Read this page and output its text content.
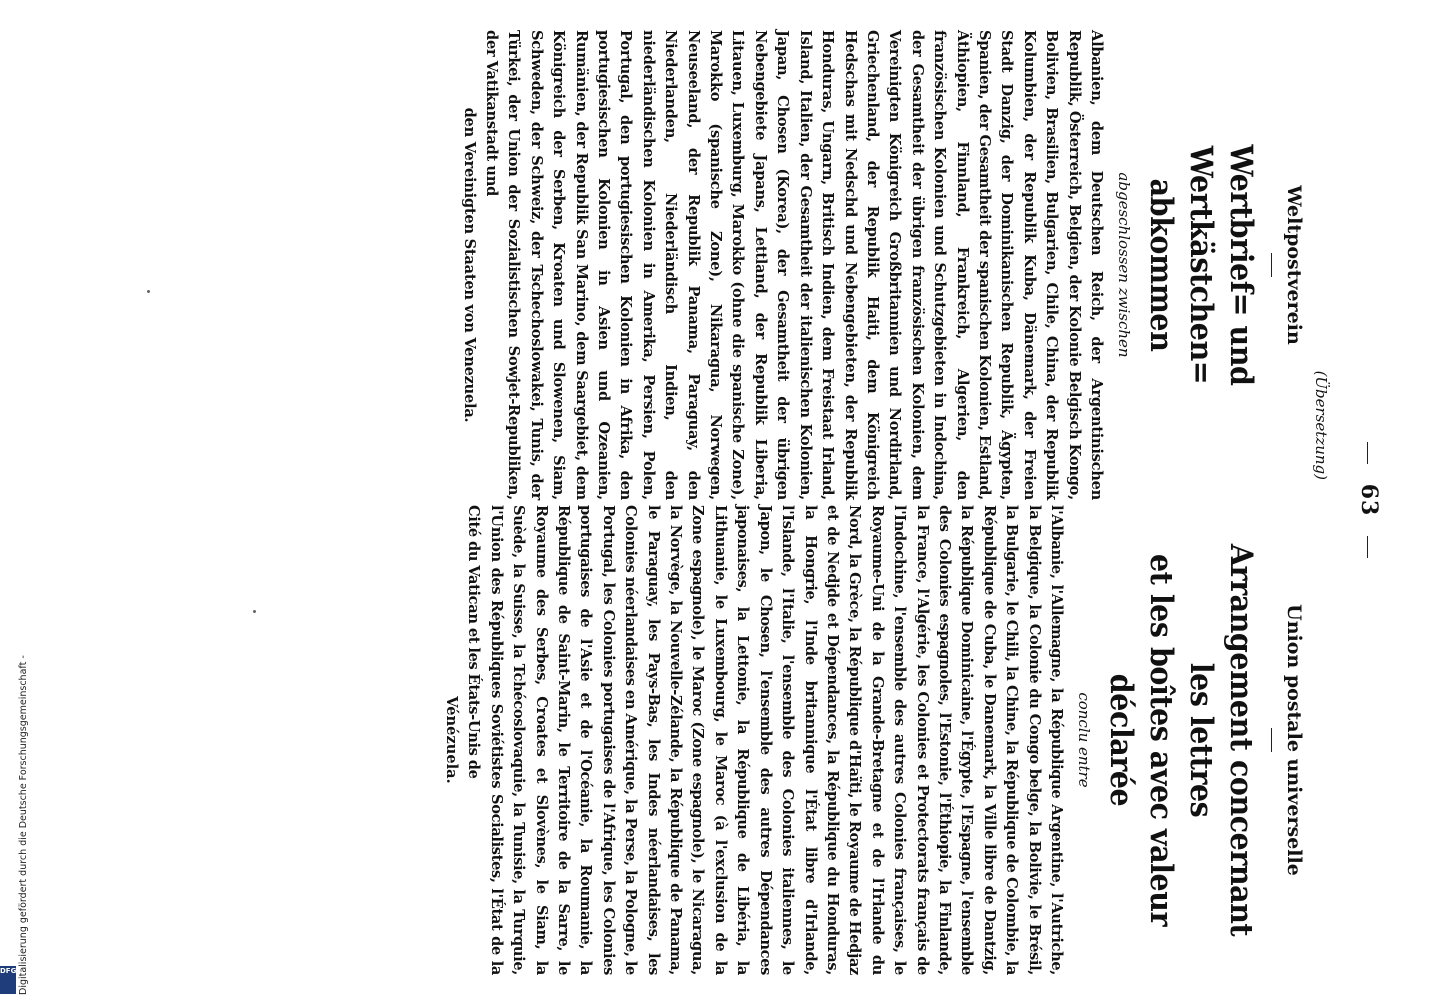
63
Union postale universelle
Arrangement concernant les lettres
et les boîtes avec valeur déclarée
conclu entre
l'Albanie, l'Allemagne, la République Argentine, l'Autriche, la Belgique, la Colonie du Congo belge, la Bolivie, le Brésil, la Bulgarie, le Chili, la Chine, la République de Colombie, la République de Cuba, le Danemark, la Ville libre de Dantzig, la République Dominicaine, l'Égypte, l'Espagne, l'ensemble des Colonies espagnoles, l'Estonie, l'Éthiopie, la Finlande, la France, l'Algérie, les Colonies et Protectorats français de l'Indochine, l'ensemble des autres Colonies françaises, le Royaume-Uni de la Grande-Bretagne et de l'Irlande du Nord, la Grèce, la République d'Haïti, le Royaume de Hedjaz et de Nedjde et Dépendances, la République du Honduras, la Hongrie, l'Inde britannique l'État libre d'Irlande, l'Islande, l'Italie, l'ensemble des Colonies italiennes, le Japon, le Chosen, l'ensemble des autres Dépendances japonaises, la Lettonie, la République de Libéria, la Lithuanie, le Luxembourg, le Maroc (à l'exclusion de la Zone espagnole), le Maroc (Zone espagnole), le Nicaragua, la Norvège, la Nouvelle-Zélande, la République de Panama, le Paraguay, les Pays-Bas, les Indes néerlandaises, les Colonies néerlandaises en Amérique, la Perse, la Pologne, le Portugal, les Colonies portugaises de l'Afrique, les Colonies portugaises de l'Asie et de l'Océanie, la Roumanie, la République de Saint-Marin, le Territoire de la Sarre, le Royaume des Serbes, Croates et Slovènes, le Siam, la Suède, la Suisse, la Tchécoslovaquie, la Tunisie, la Turquie, l'Union des Républiques Soviétistes Socialistes, l'État de la Cité du Vatican et les États-Unis de
Vénézuela.
(Übersetzung)
Weltpostverein
Wertbrief= und Wertkästchen=
abkommen
abgeschlossen zwischen
Albanien, dem Deutschen Reich, der Argentinischen Republik, Österreich, Belgien, der Kolonie Belgisch Kongo, Bolivien, Brasilien, Bulgarien, Chile, China, der Republik Kolumbien, der Republik Kuba, Dänemark, der Freien Stadt Danzig, der Dominikanischen Republik, Ägypten, Spanien, der Gesamtheit der spanischen Kolonien, Estland, Äthiopien, Finnland, Frankreich, Algerien, den französischen Kolonien und Schutzgebieten in Indochina, der Gesamtheit der übrigen französischen Kolonien, dem Vereinigten Königreich Großbritannien und Nordirland, Griechenland, der Republik Haiti, dem Königreich Hedschas mit Nedschd und Nebengebieten, der Republik Honduras, Ungarn, Britisch Indien, dem Freistaat Irland, Island, Italien, der Gesamtheit der italienischen Kolonien, Japan, Chosen (Korea), der Gesamtheit der übrigen Nebengebiete Japans, Lettland, der Republik Liberia, Litauen, Luxemburg, Marokko (ohne die spanische Zone), Marokko (spanische Zone), Nikaragua, Norwegen, Neuseeland, der Republik Panama, Paraguay, den Niederlanden, Niederländisch Indien, den niederländischen Kolonien in Amerika, Persien, Polen, Portugal, den portugiesischen Kolonien in Afrika, den portugiesischen Kolonien in Asien und Ozeanien, Rumänien, der Republik San Marino, dem Saargebiet, dem Königreich der Serben, Kroaten und Slowenen, Siam, Schweden, der Schweiz, der Tschechoslowakei, Tunis, der Türkei, der Union der Sozialistischen Sowjet-Republiken, der Vatikanstadt und
den Vereinigten Staaten von Venezuela.
Digitalisierung gefördert durch die Deutsche Forschungsgemeinschaft -
DFG
